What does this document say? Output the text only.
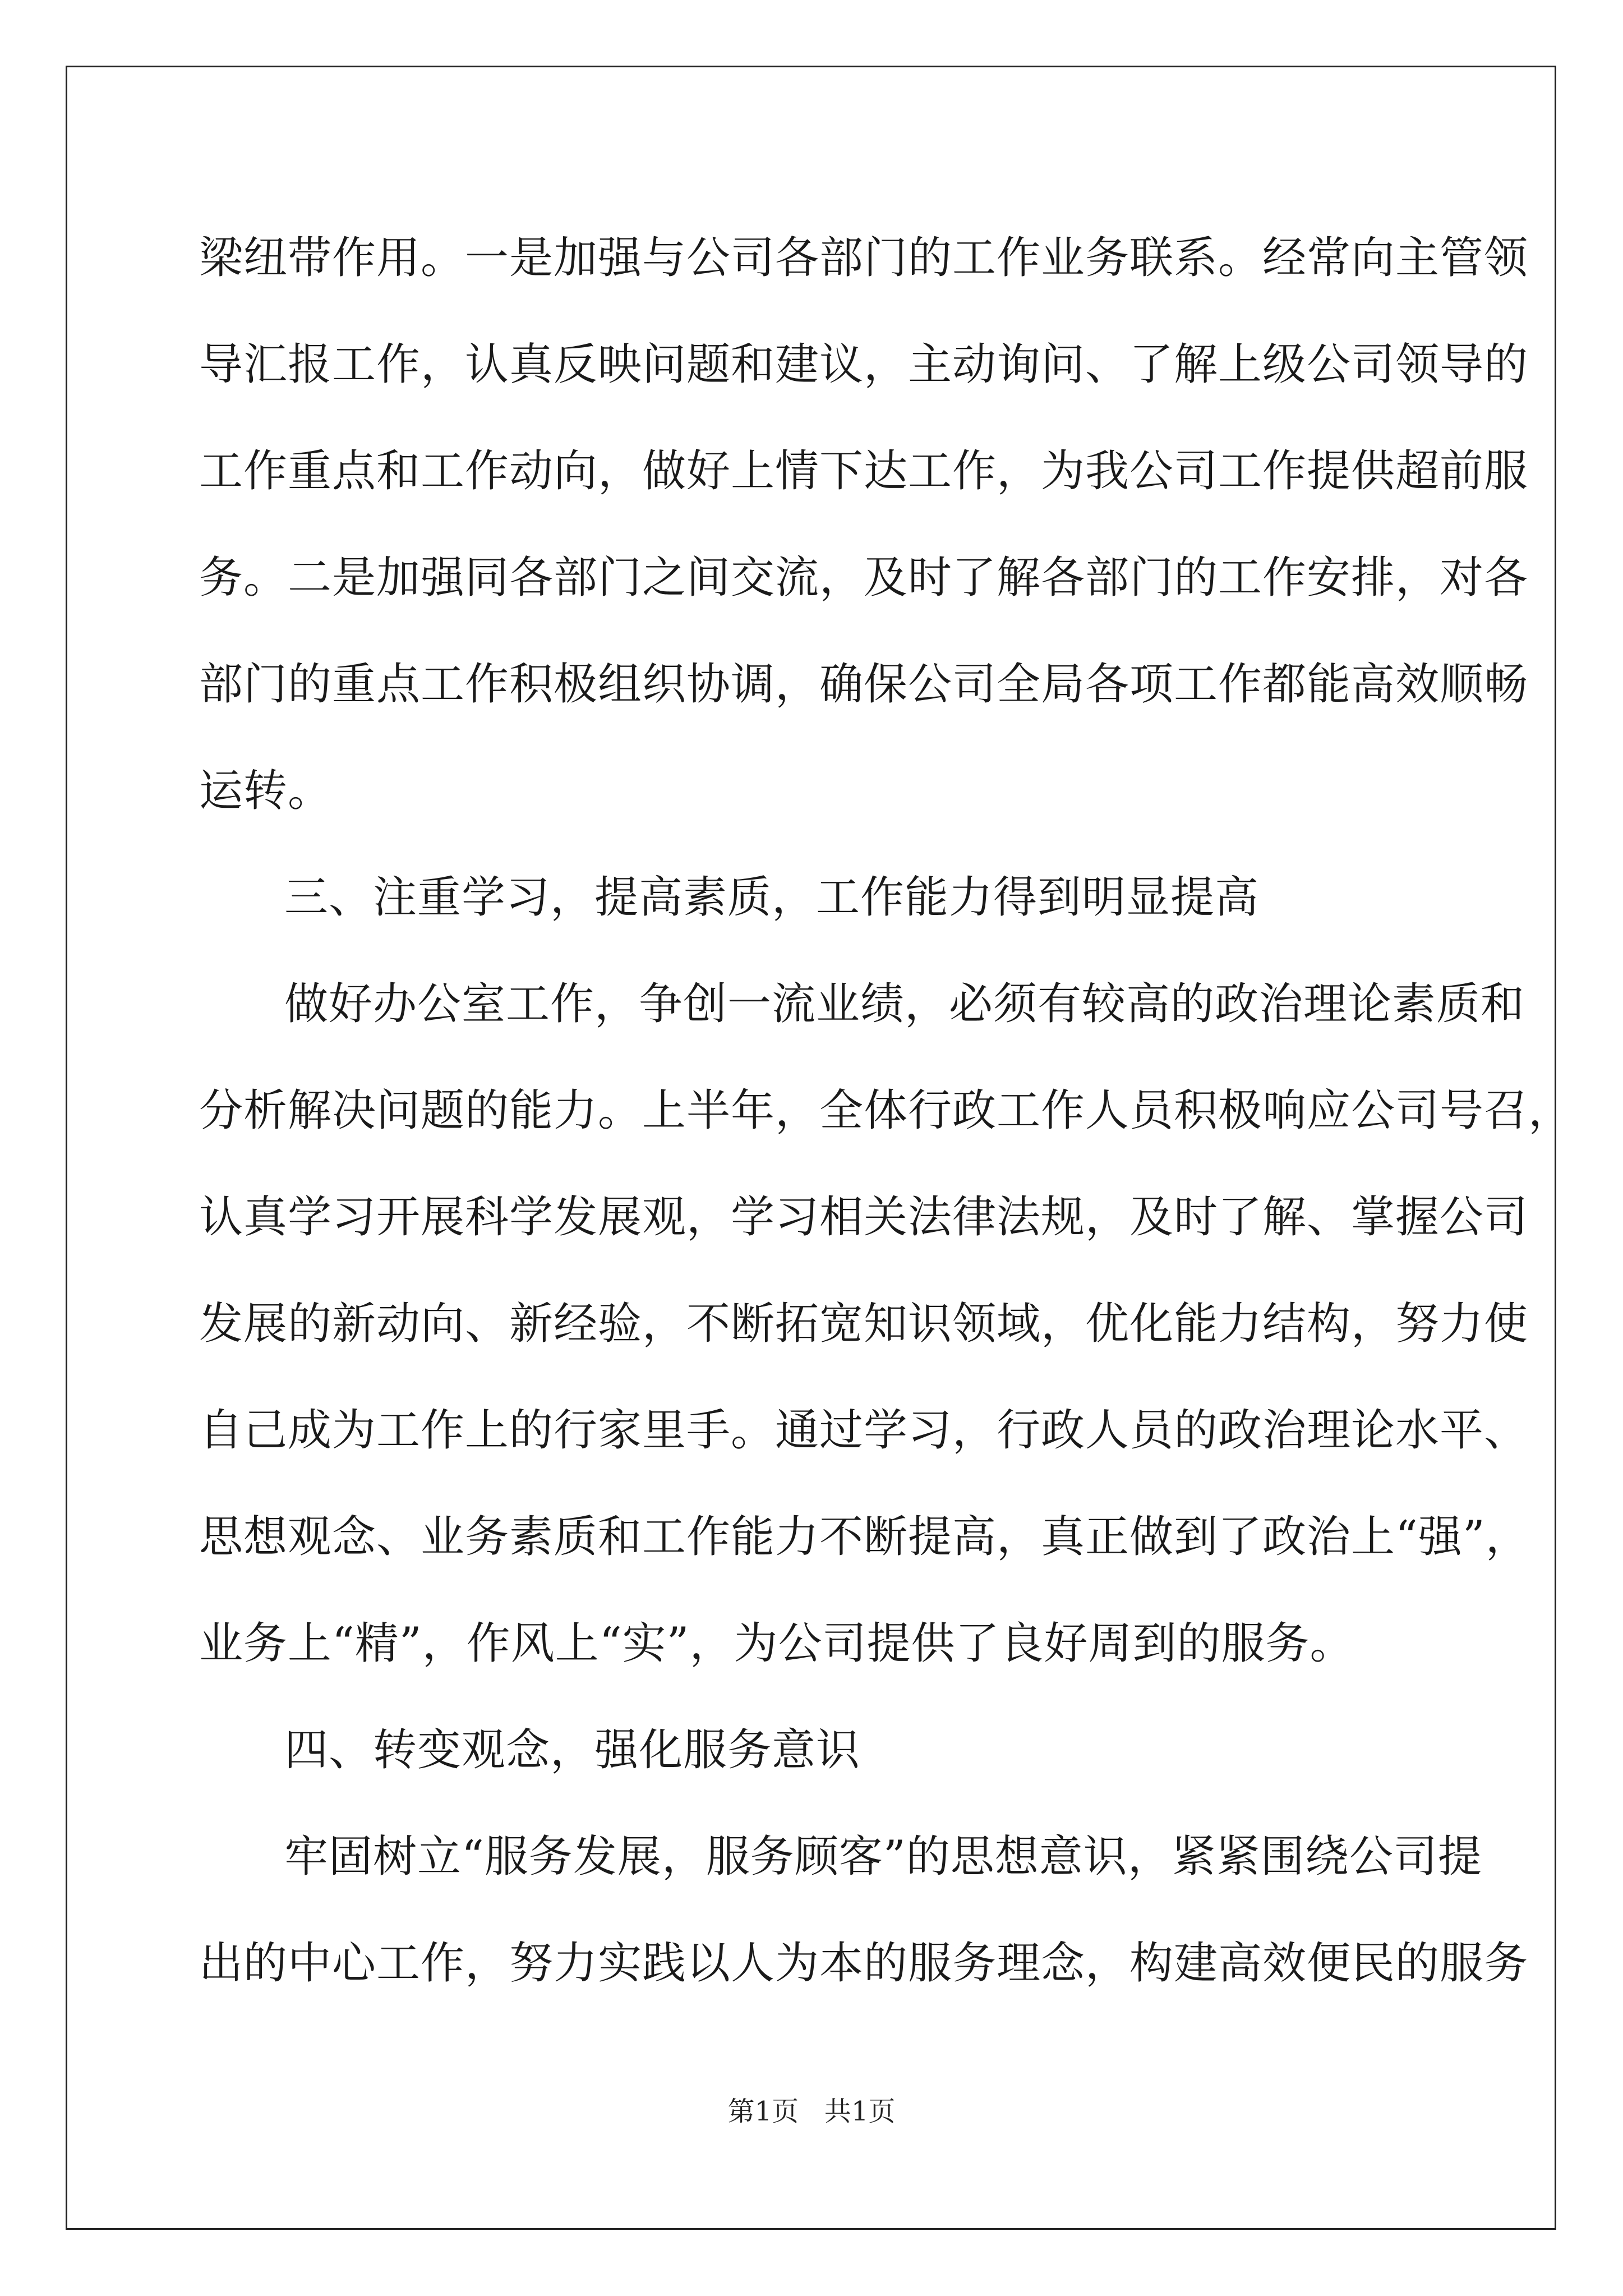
梁纽带作用。一是加强与公司各部门的工作业务联系。经常向主管领
导汇报工作，认真反映问题和建议，主动询问、了解上级公司领导的
工作重点和工作动向，做好上情下达工作，为我公司工作提供超前服
务。二是加强同各部门之间交流，及时了解各部门的工作安排，对各
部门的重点工作积极组织协调，确保公司全局各项工作都能高效顺畅
运转。
三、注重学习，提高素质，工作能力得到明显提高
做好办公室工作，争创一流业绩，必须有较高的政治理论素质和
分析解决问题的能力。上半年，全体行政工作人员积极响应公司号召，
认真学习开展科学发展观，学习相关法律法规，及时了解、掌握公司
发展的新动向、新经验，不断拓宽知识领域，优化能力结构，努力使
自己成为工作上的行家里手。通过学习，行政人员的政治理论水平、
思想观念、业务素质和工作能力不断提高，真正做到了政治上“强”，
业务上“精”，作风上“实”，为公司提供了良好周到的服务。
四、转变观念，强化服务意识
牢固树立“服务发展，服务顾客”的思想意识，紧紧围绕公司提
出的中心工作，努力实践以人为本的服务理念，构建高效便民的服务
第1页 共1页
